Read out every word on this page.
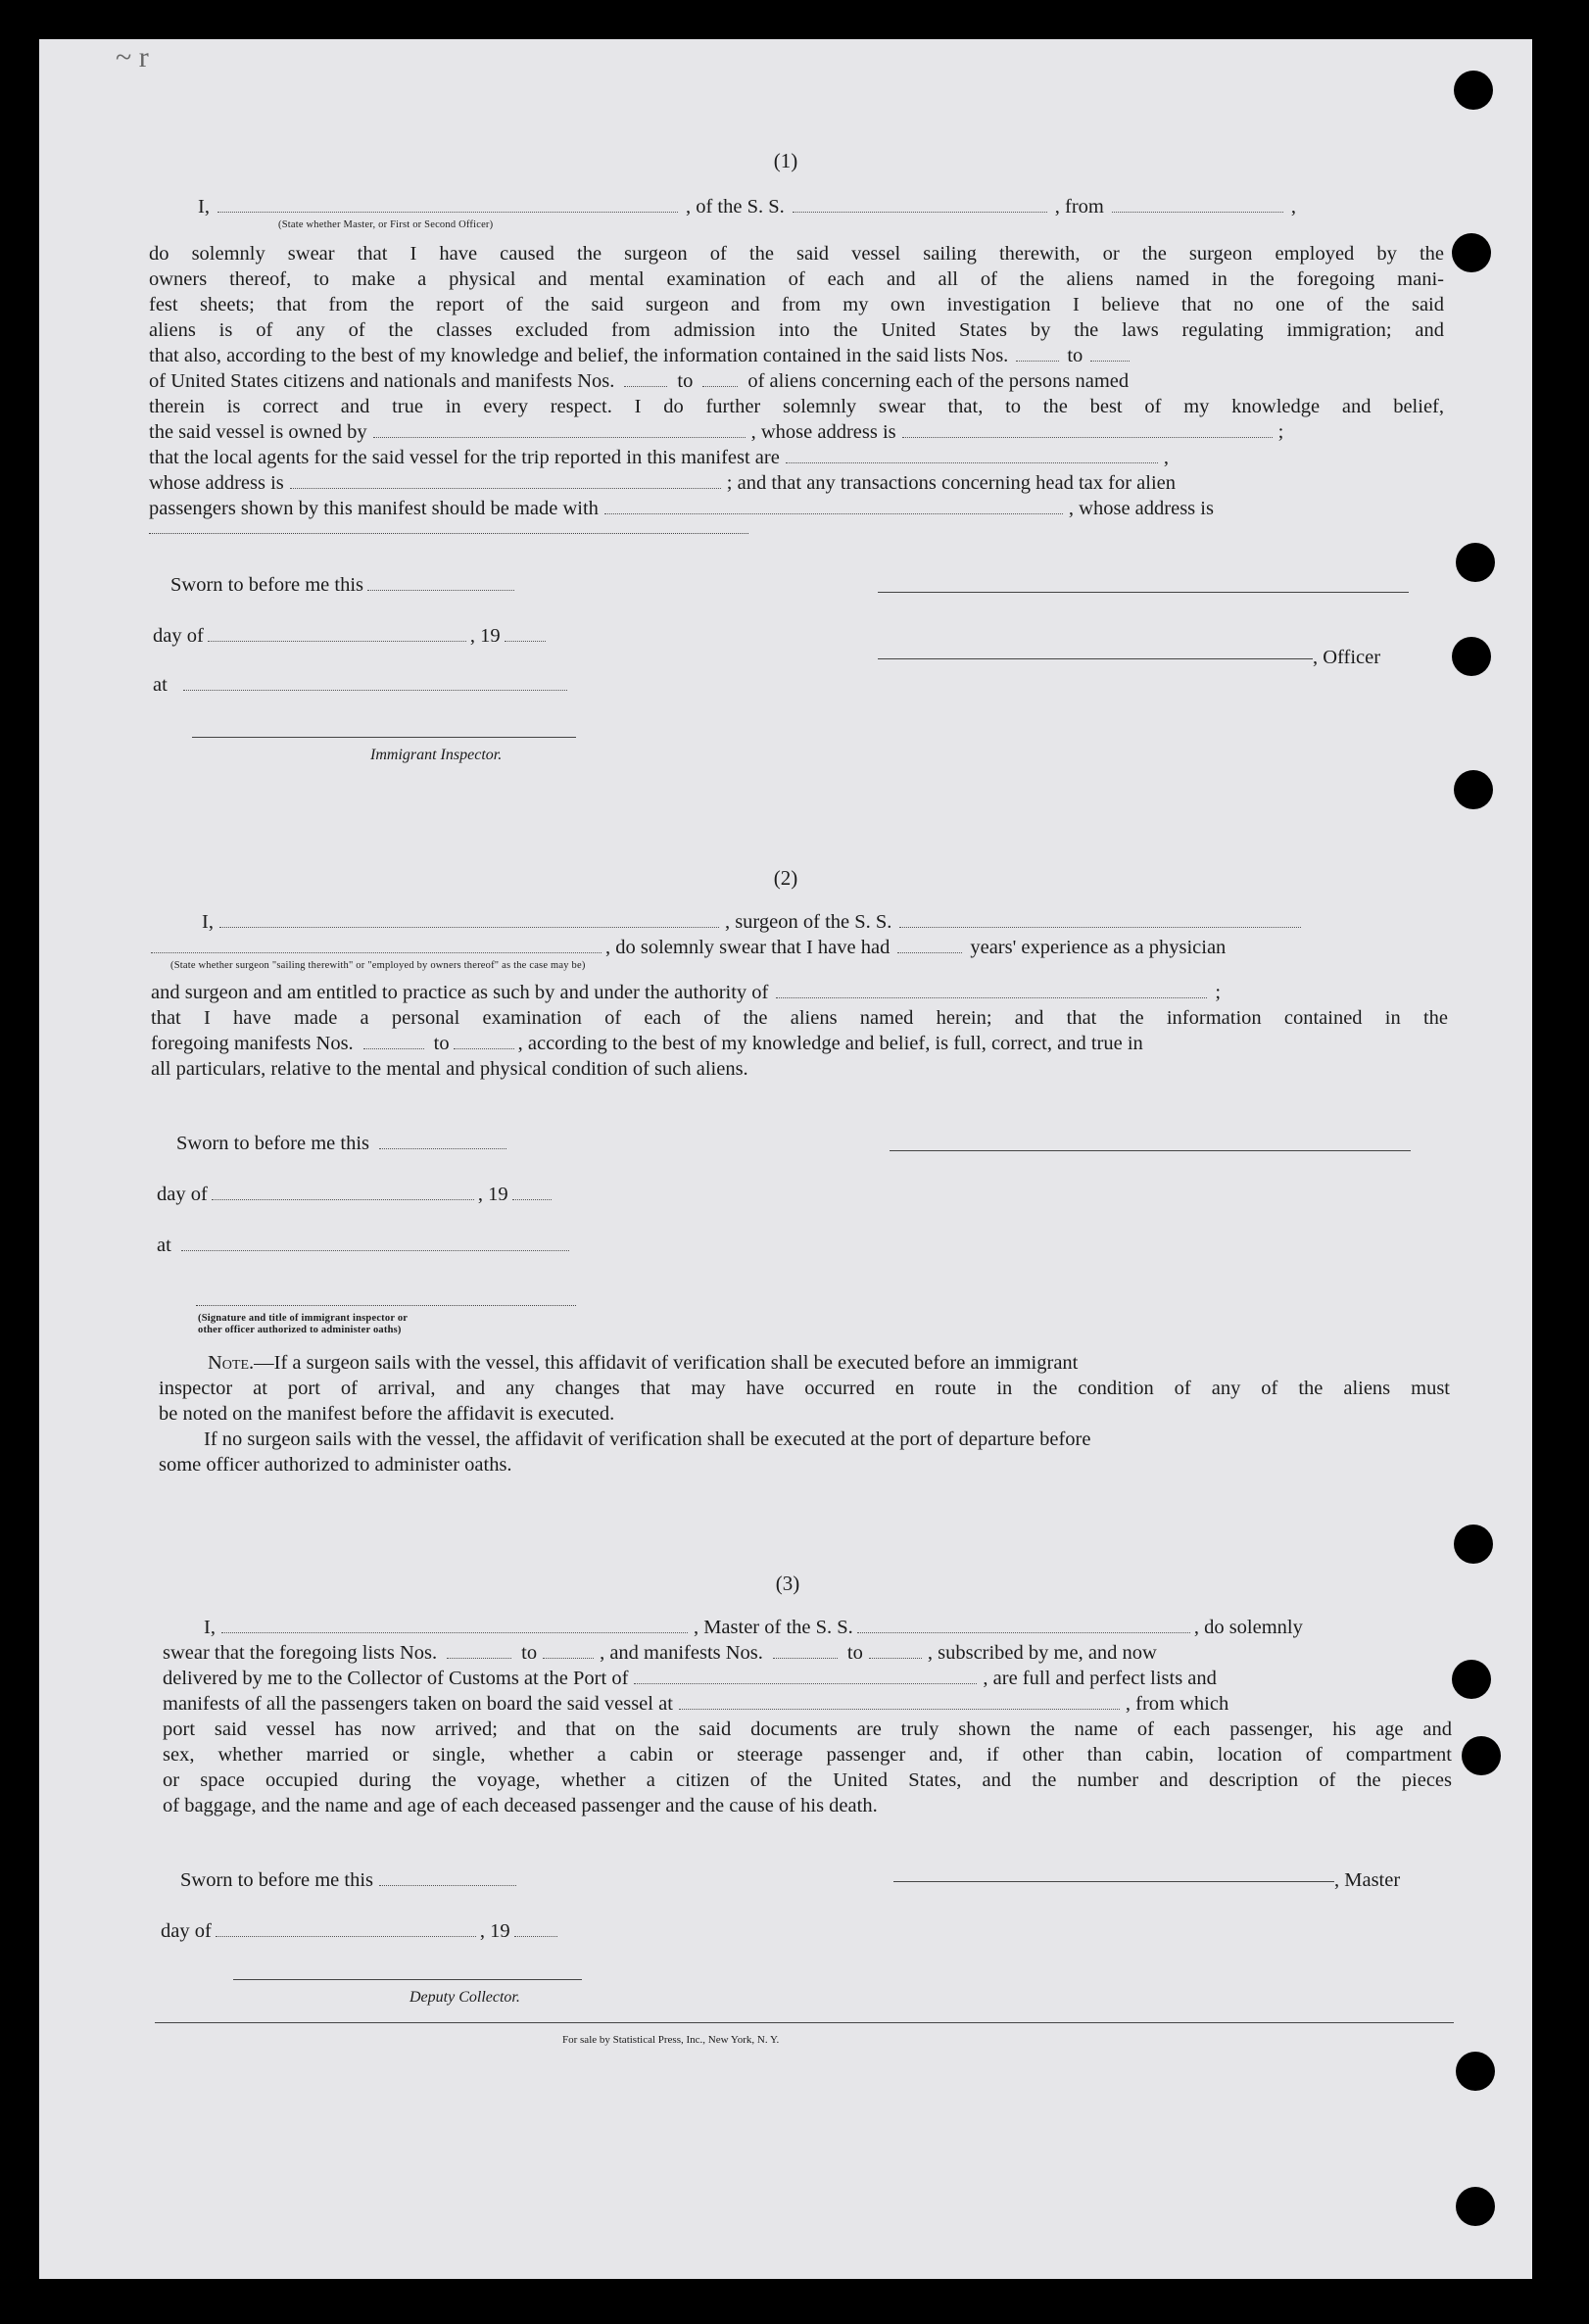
~ r
(1)
I,	, of the S. S.	, from	,
(State whether Master, or First or Second Officer)
do solemnly swear that I have caused the surgeon of the said vessel sailing therewith, or the surgeon employed by the
owners thereof, to make a physical and mental examination of each and all of the aliens named in the foregoing mani-
fest sheets; that from the report of the said surgeon and from my own investigation I believe that no one of the said
aliens is of any of the classes excluded from admission into the United States by the laws regulating immigration; and
that also, according to the best of my knowledge and belief, the information contained in the said lists Nos.	to
of United States citizens and nationals and manifests Nos.	to	of aliens concerning each of the persons named
therein is correct and true in every respect. I do further solemnly swear that, to the best of my knowledge and belief,
the said vessel is owned by	, whose address is	;
that the local agents for the said vessel for the trip reported in this manifest are	,
whose address is	; and that any transactions concerning head tax for alien
passengers shown by this manifest should be made with	, whose address is
Sworn to before me this
day of	, 19
, Officer
at
Immigrant Inspector.
(2)
I,	, surgeon of the S. S.
, do solemnly swear that I have had	years' experience as a physician
(State whether surgeon "sailing therewith" or "employed by owners thereof" as the case may be)
and surgeon and am entitled to practice as such by and under the authority of	;
that I have made a personal examination of each of the aliens named herein; and that the information contained in the
foregoing manifests Nos.	to	, according to the best of my knowledge and belief, is full, correct, and true in
all particulars, relative to the mental and physical condition of such aliens.
Sworn to before me this
day of	, 19
at
(Signature and title of immigrant inspector or
other officer authorized to administer oaths)
Note.—If a surgeon sails with the vessel, this affidavit of verification shall be executed before an immigrant
inspector at port of arrival, and any changes that may have occurred en route in the condition of any of the aliens must
be noted on the manifest before the affidavit is executed.
If no surgeon sails with the vessel, the affidavit of verification shall be executed at the port of departure before
some officer authorized to administer oaths.
(3)
I,	, Master of the S. S.	, do solemnly
swear that the foregoing lists Nos.	to	, and manifests Nos.	to	, subscribed by me, and now
delivered by me to the Collector of Customs at the Port of	, are full and perfect lists and
manifests of all the passengers taken on board the said vessel at	, from which
port said vessel has now arrived; and that on the said documents are truly shown the name of each passenger, his age and
sex, whether married or single, whether a cabin or steerage passenger and, if other than cabin, location of compartment
or space occupied during the voyage, whether a citizen of the United States, and the number and description of the pieces
of baggage, and the name and age of each deceased passenger and the cause of his death.
Sworn to before me this	, Master
day of	, 19
Deputy Collector.
For sale by Statistical Press, Inc., New York, N. Y.
